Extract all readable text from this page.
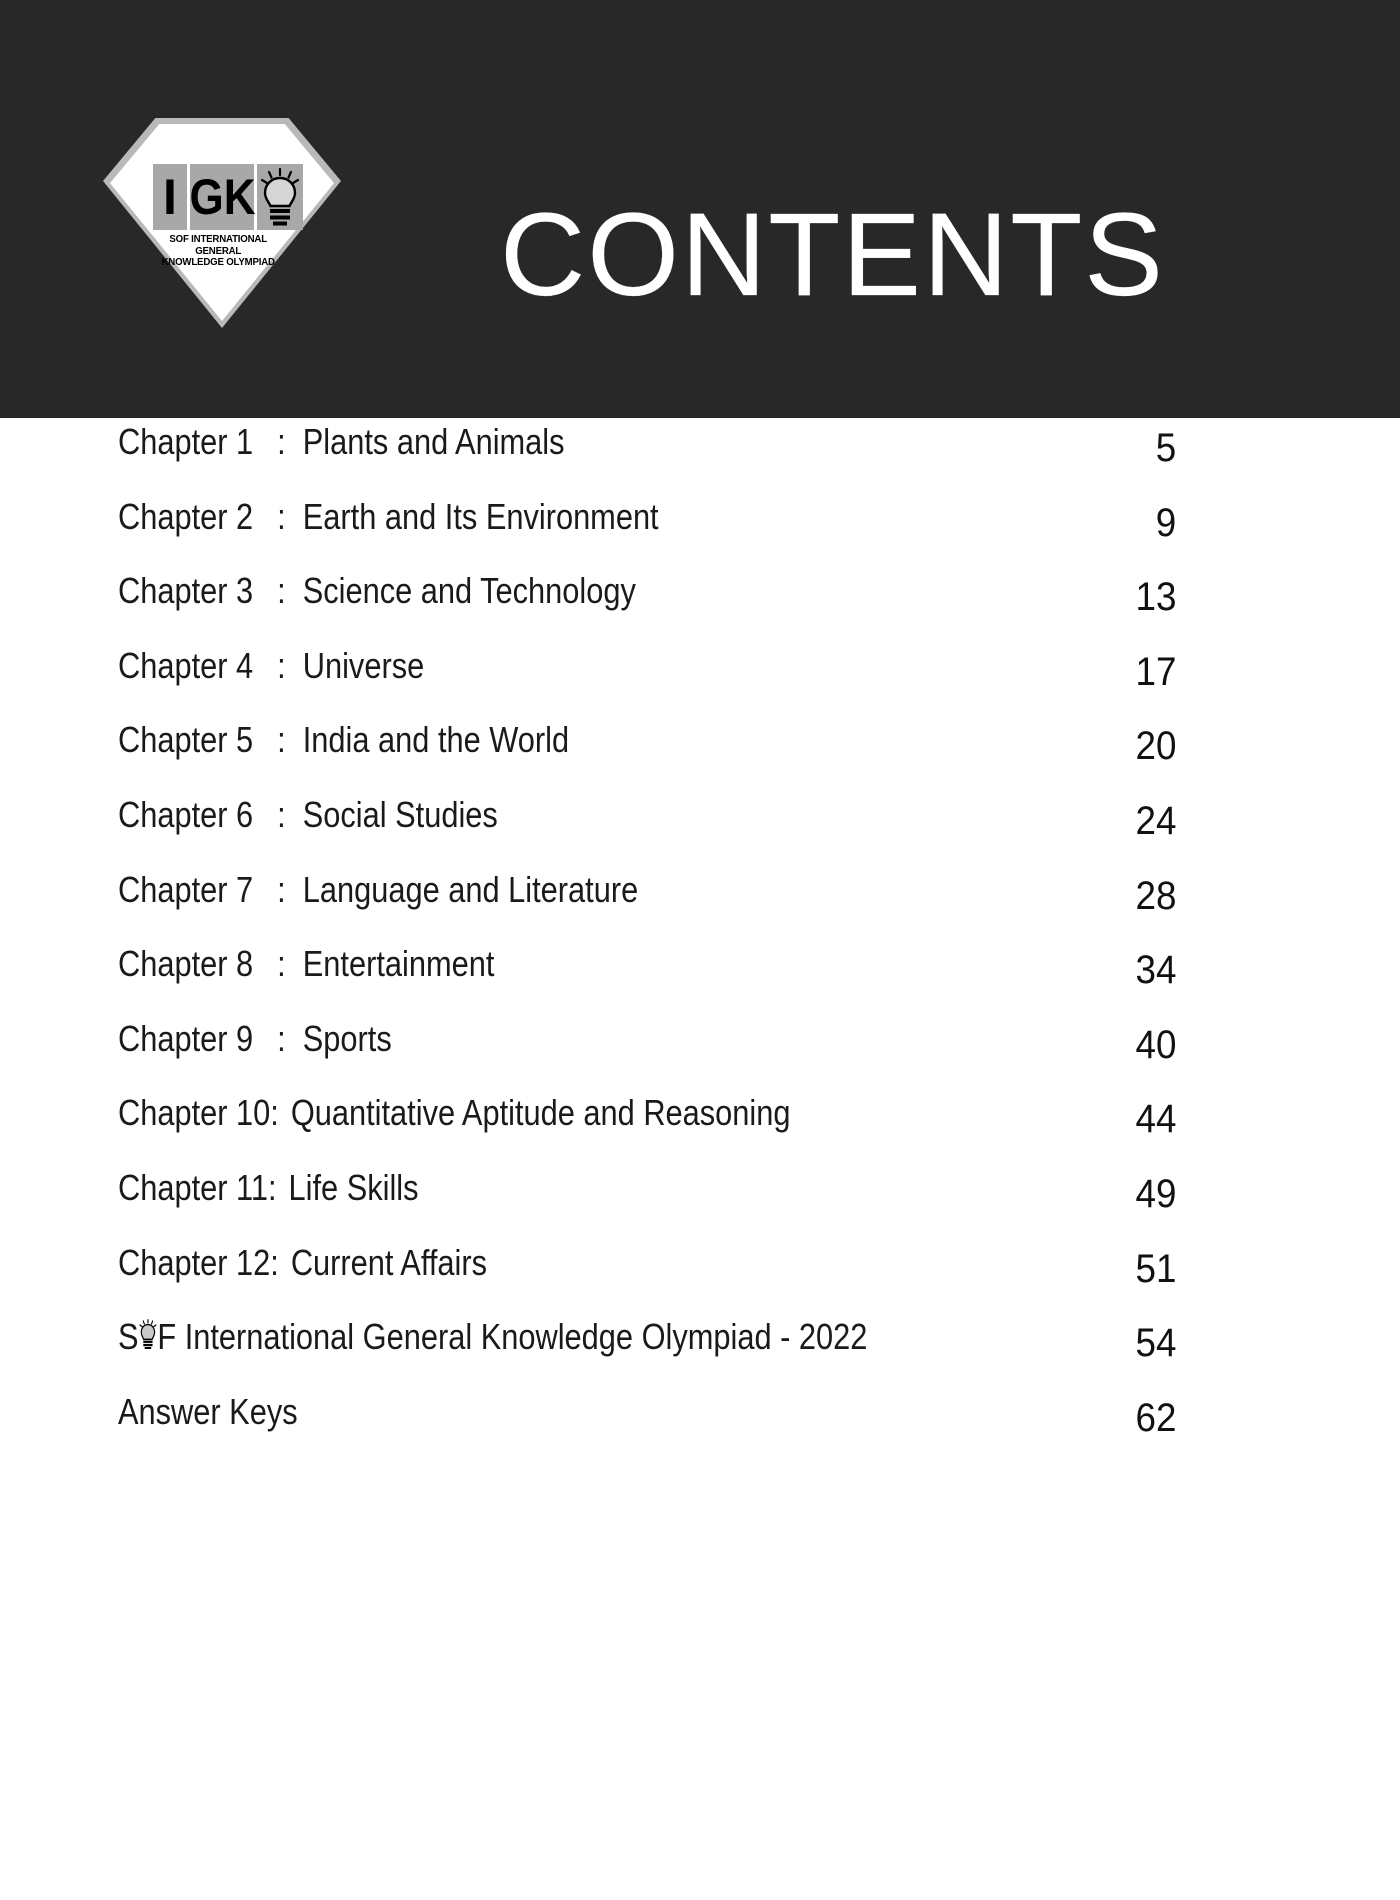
I GK
SOF INTERNATIONAL GENERAL
KNOWLEDGE OLYMPIAD CONTENTS
Chapter 1 : Plants and Animals	5
Chapter 2 : Earth and Its Environment	9
Chapter 3 : Science and Technology	13
Chapter 4 : Universe	17
Chapter 5 : India and the World	20
Chapter 6 : Social Studies	24
Chapter 7 : Language and Literature	28
Chapter 8 : Entertainment	34
Chapter 9 : Sports	40
Chapter 10 : Quantitative Aptitude and Reasoning	44
Chapter 11 : Life Skills	49
Chapter 12 : Current Affairs	51
S F International General Knowledge Olympiad - 2022	54
Answer Keys	62
